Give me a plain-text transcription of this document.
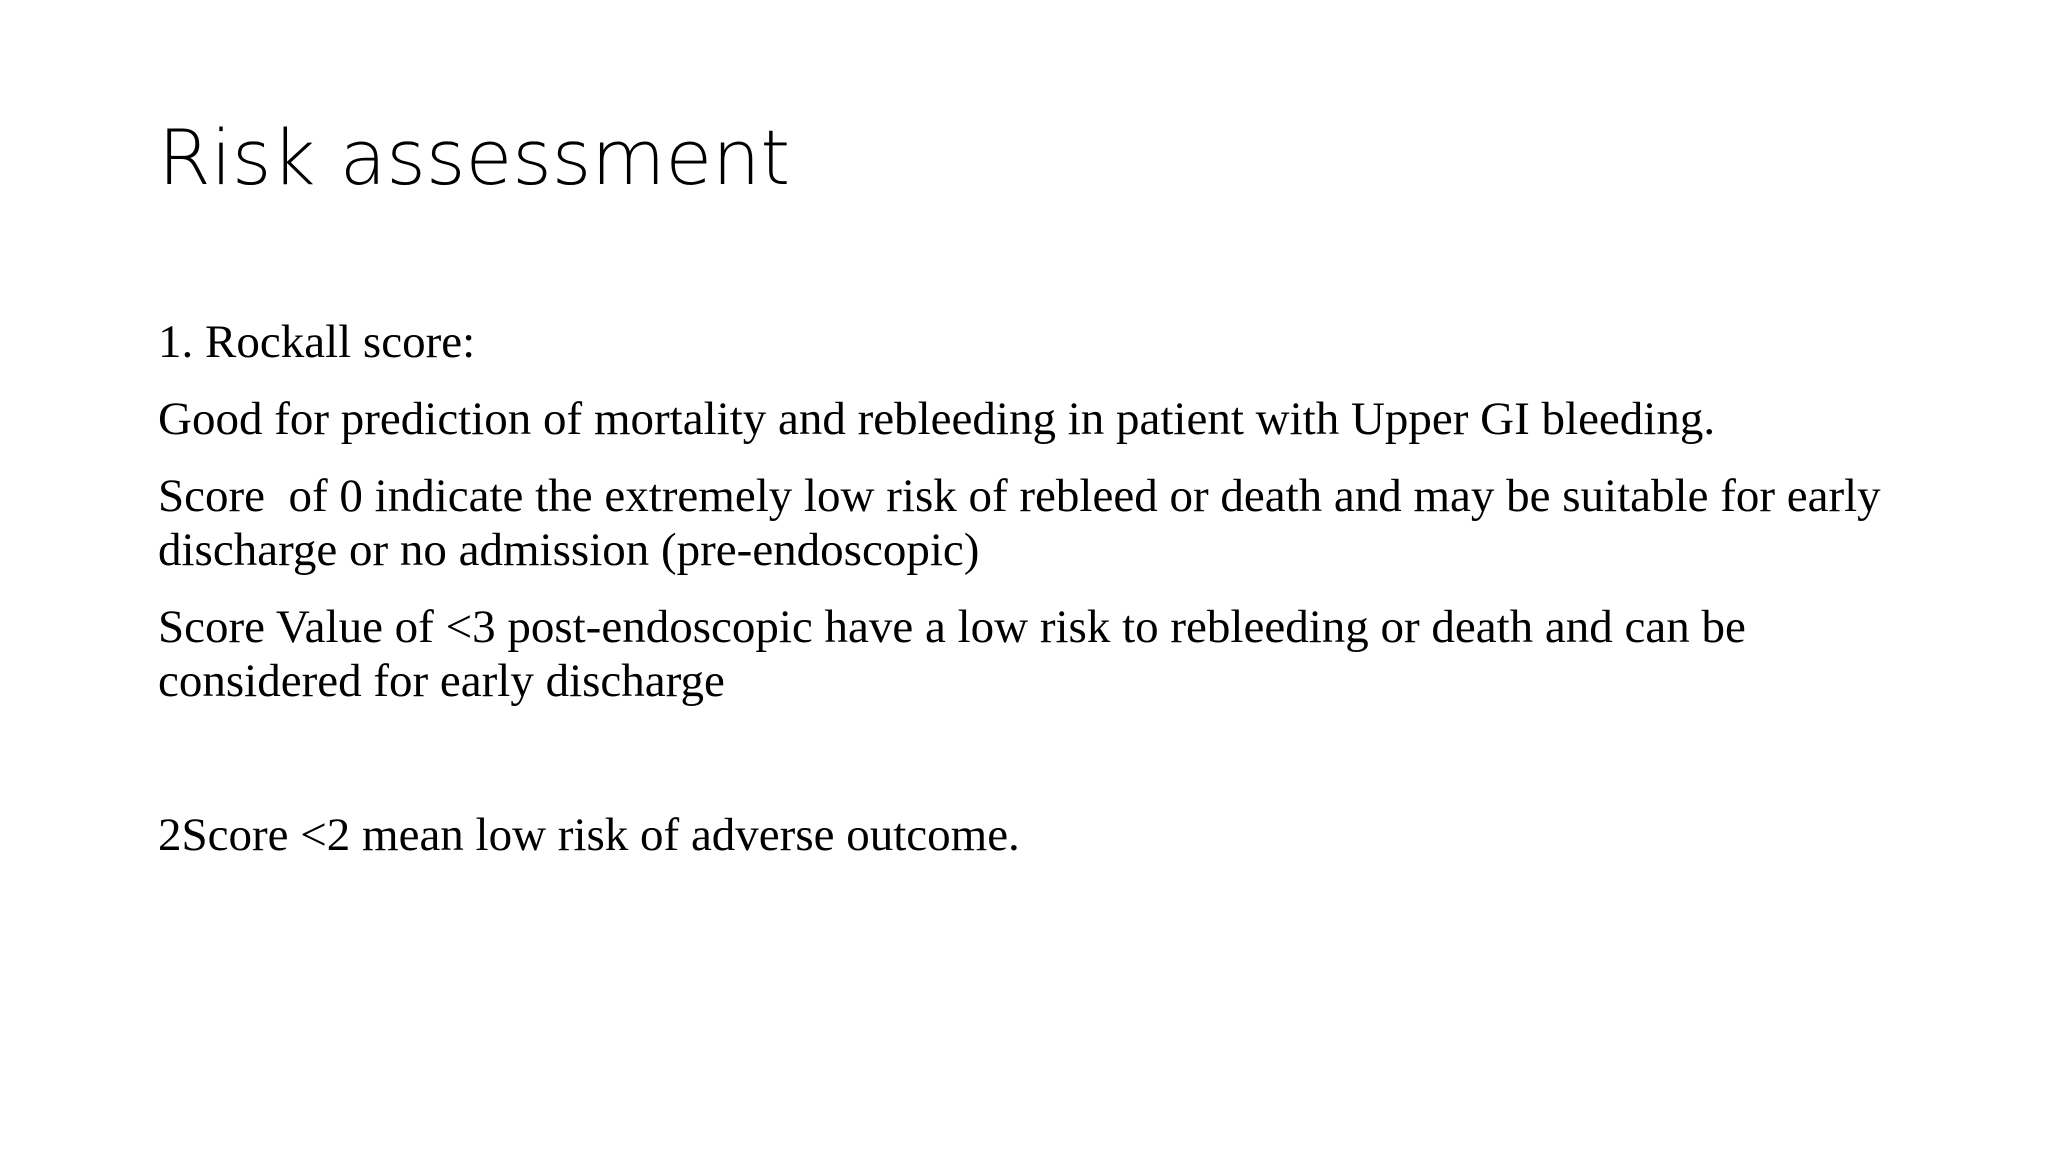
Risk assessment

1. Rockall score:

Good for prediction of mortality and rebleeding in patient with Upper GI bleeding.

Score  of 0 indicate the extremely low risk of rebleed or death and may be suitable for early discharge or no admission (pre-endoscopic)

Score Value of <3 post-endoscopic have a low risk to rebleeding or death and can be considered for early discharge

2Score <2 mean low risk of adverse outcome.
